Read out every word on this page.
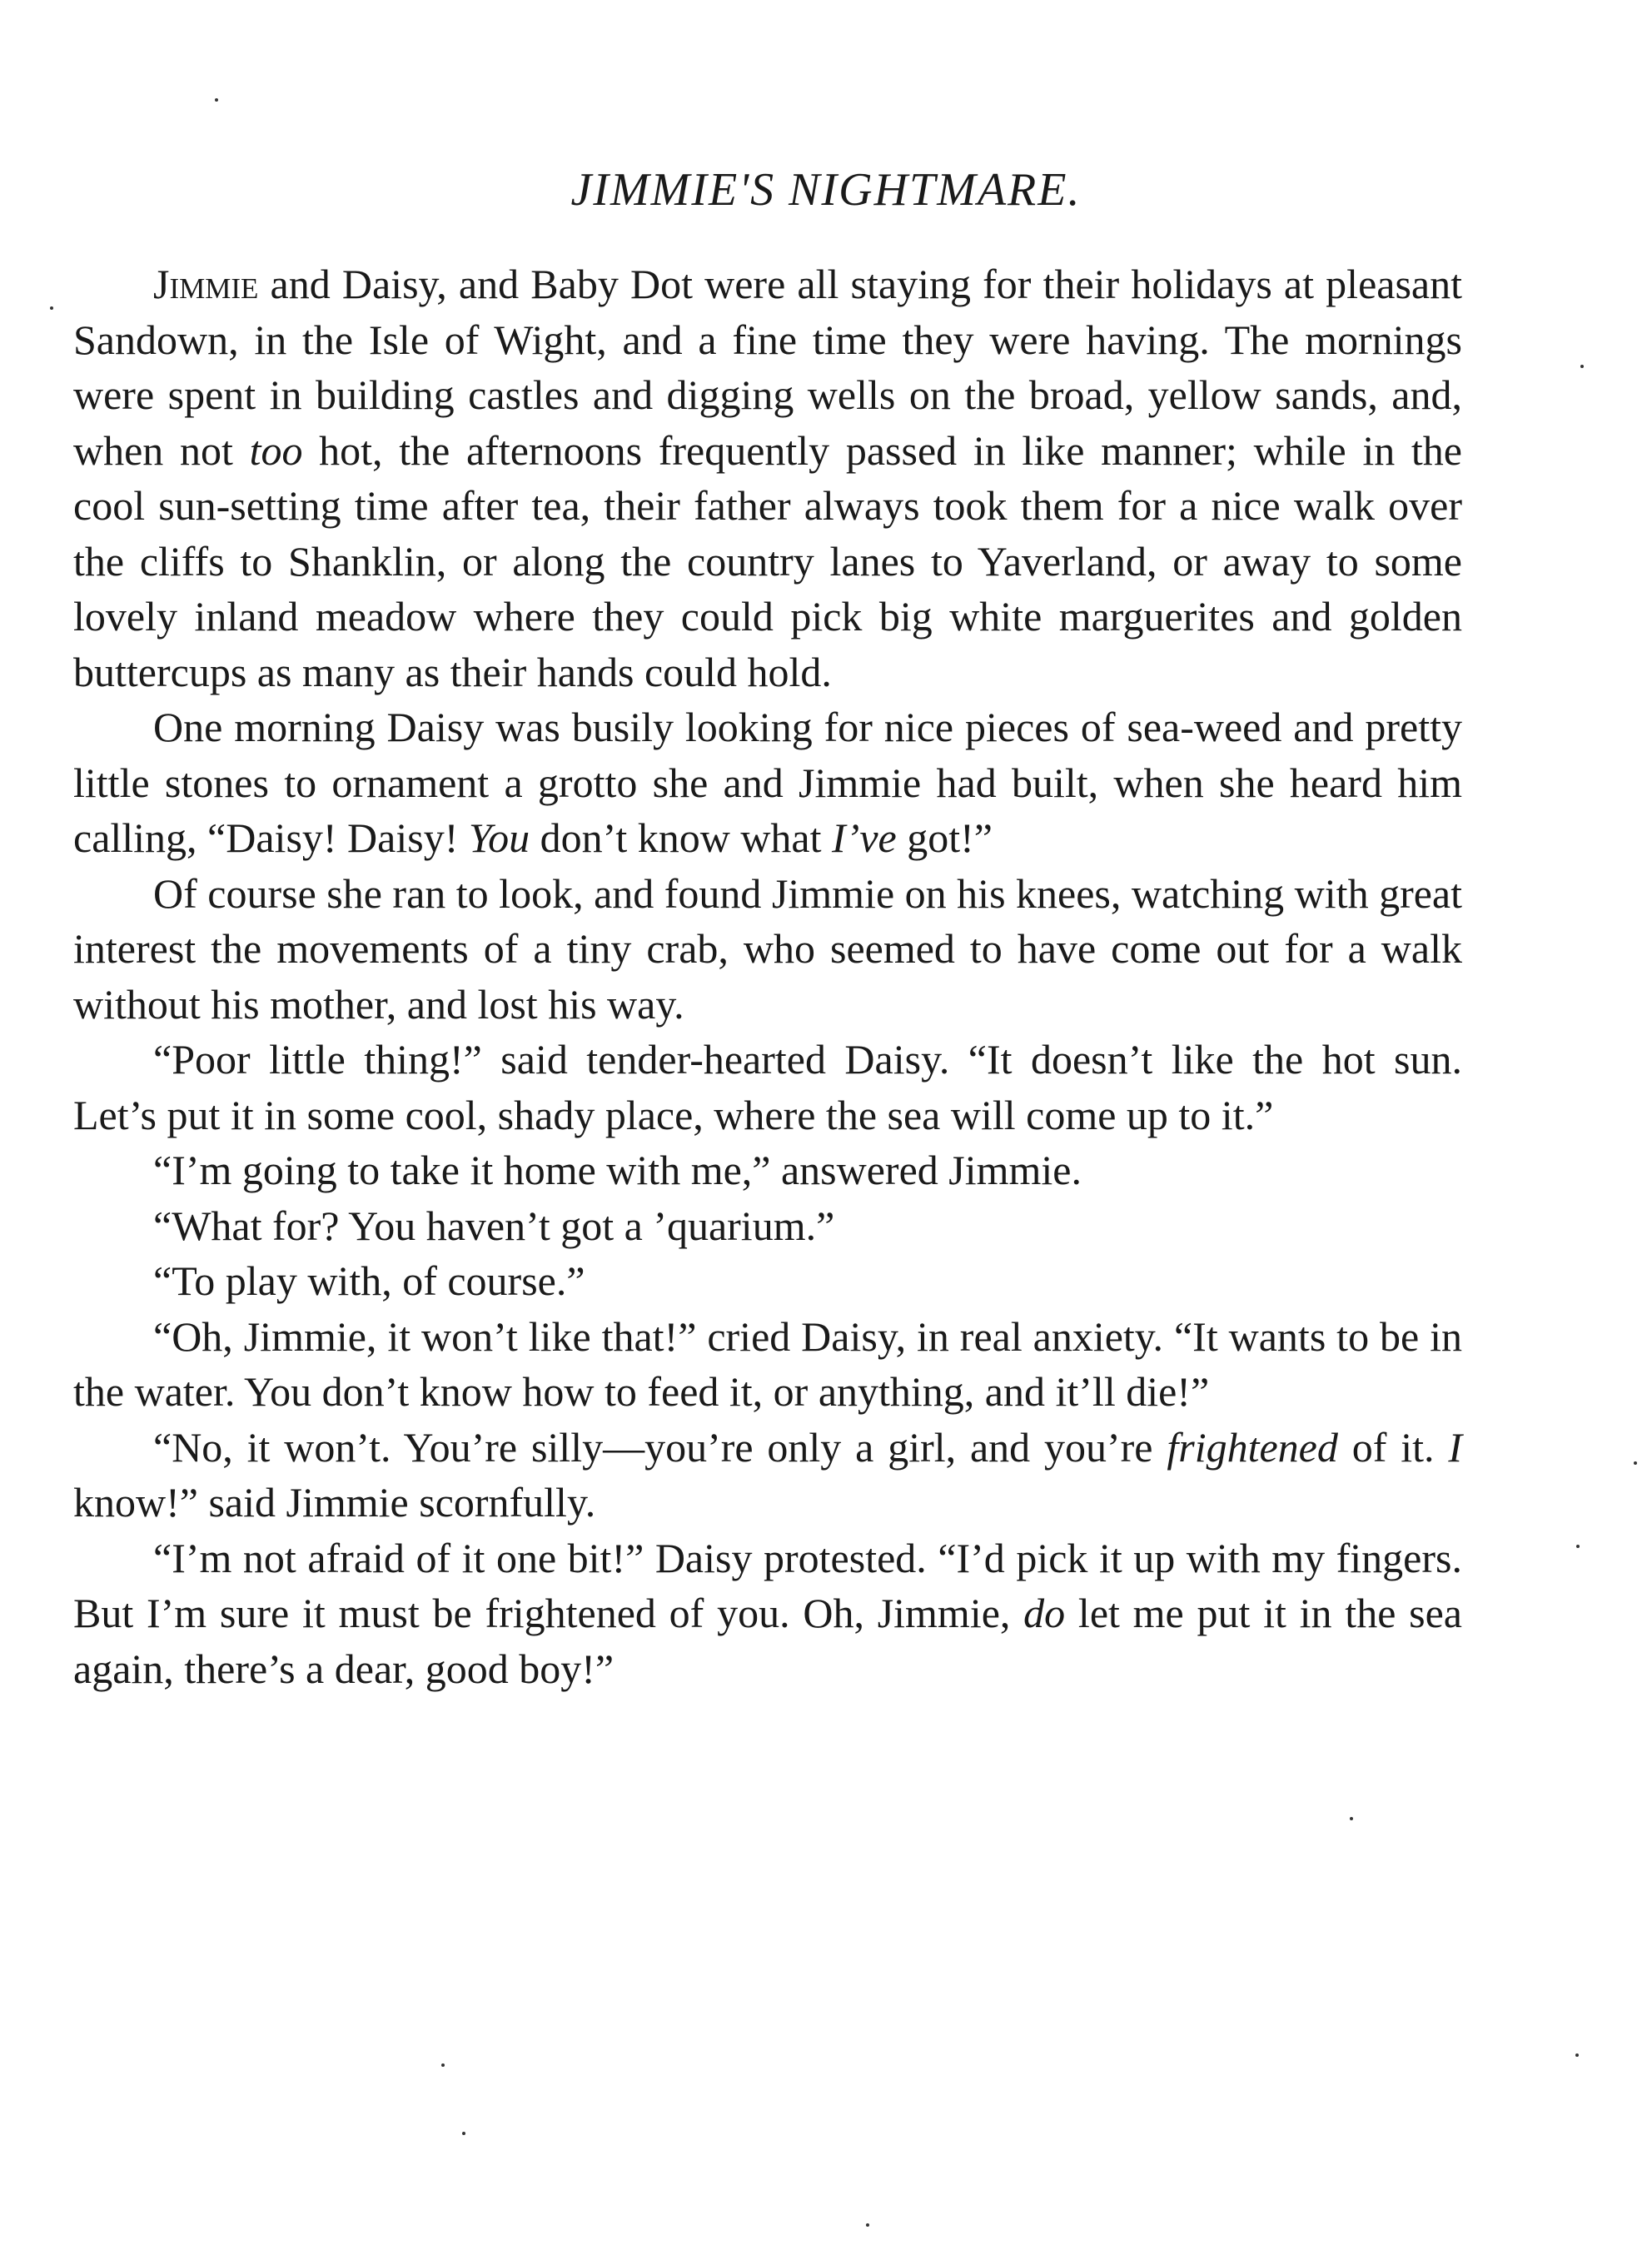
JIMMIE'S NIGHTMARE.

Jimmie and Daisy, and Baby Dot were all staying for their holidays at pleasant Sandown, in the Isle of Wight, and a fine time they were having. The mornings were spent in building castles and digging wells on the broad, yellow sands, and, when not too hot, the afternoons frequently passed in like manner; while in the cool sun-setting time after tea, their father always took them for a nice walk over the cliffs to Shanklin, or along the country lanes to Yaverland, or away to some lovely inland meadow where they could pick big white marguerites and golden buttercups as many as their hands could hold.

One morning Daisy was busily looking for nice pieces of sea-weed and pretty little stones to ornament a grotto she and Jimmie had built, when she heard him calling, “Daisy! Daisy! You don’t know what I’ve got!”

Of course she ran to look, and found Jimmie on his knees, watching with great interest the movements of a tiny crab, who seemed to have come out for a walk without his mother, and lost his way.

“Poor little thing!” said tender-hearted Daisy. “It doesn’t like the hot sun. Let’s put it in some cool, shady place, where the sea will come up to it.”

“I’m going to take it home with me,” answered Jimmie.

“What for? You haven’t got a ’quarium.”

“To play with, of course.”

“Oh, Jimmie, it won’t like that!” cried Daisy, in real anxiety. “It wants to be in the water. You don’t know how to feed it, or anything, and it’ll die!”

“No, it won’t. You’re silly—you’re only a girl, and you’re frightened of it. I know!” said Jimmie scornfully.

“I’m not afraid of it one bit!” Daisy protested. “I’d pick it up with my fingers. But I’m sure it must be frightened of you. Oh, Jimmie, do let me put it in the sea again, there’s a dear, good boy!”
